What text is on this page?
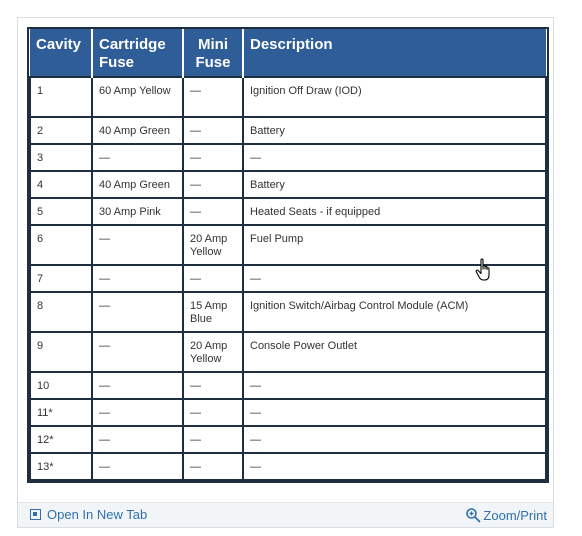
Cavity	Cartridge Fuse	Mini Fuse	Description
1	60 Amp Yellow	—	Ignition Off Draw (IOD)
2	40 Amp Green	—	Battery
3	—	—	—
4	40 Amp Green	—	Battery
5	30 Amp Pink	—	Heated Seats - if equipped
6	—	20 Amp Yellow	Fuel Pump
7	—	—	—
8	—	15 Amp Blue	Ignition Switch/Airbag Control Module (ACM)
9	—	20 Amp Yellow	Console Power Outlet
10	—	—	—
11*	—	—	—
12*	—	—	—
13*	—	—	—
Open In New Tab	Zoom/Print
